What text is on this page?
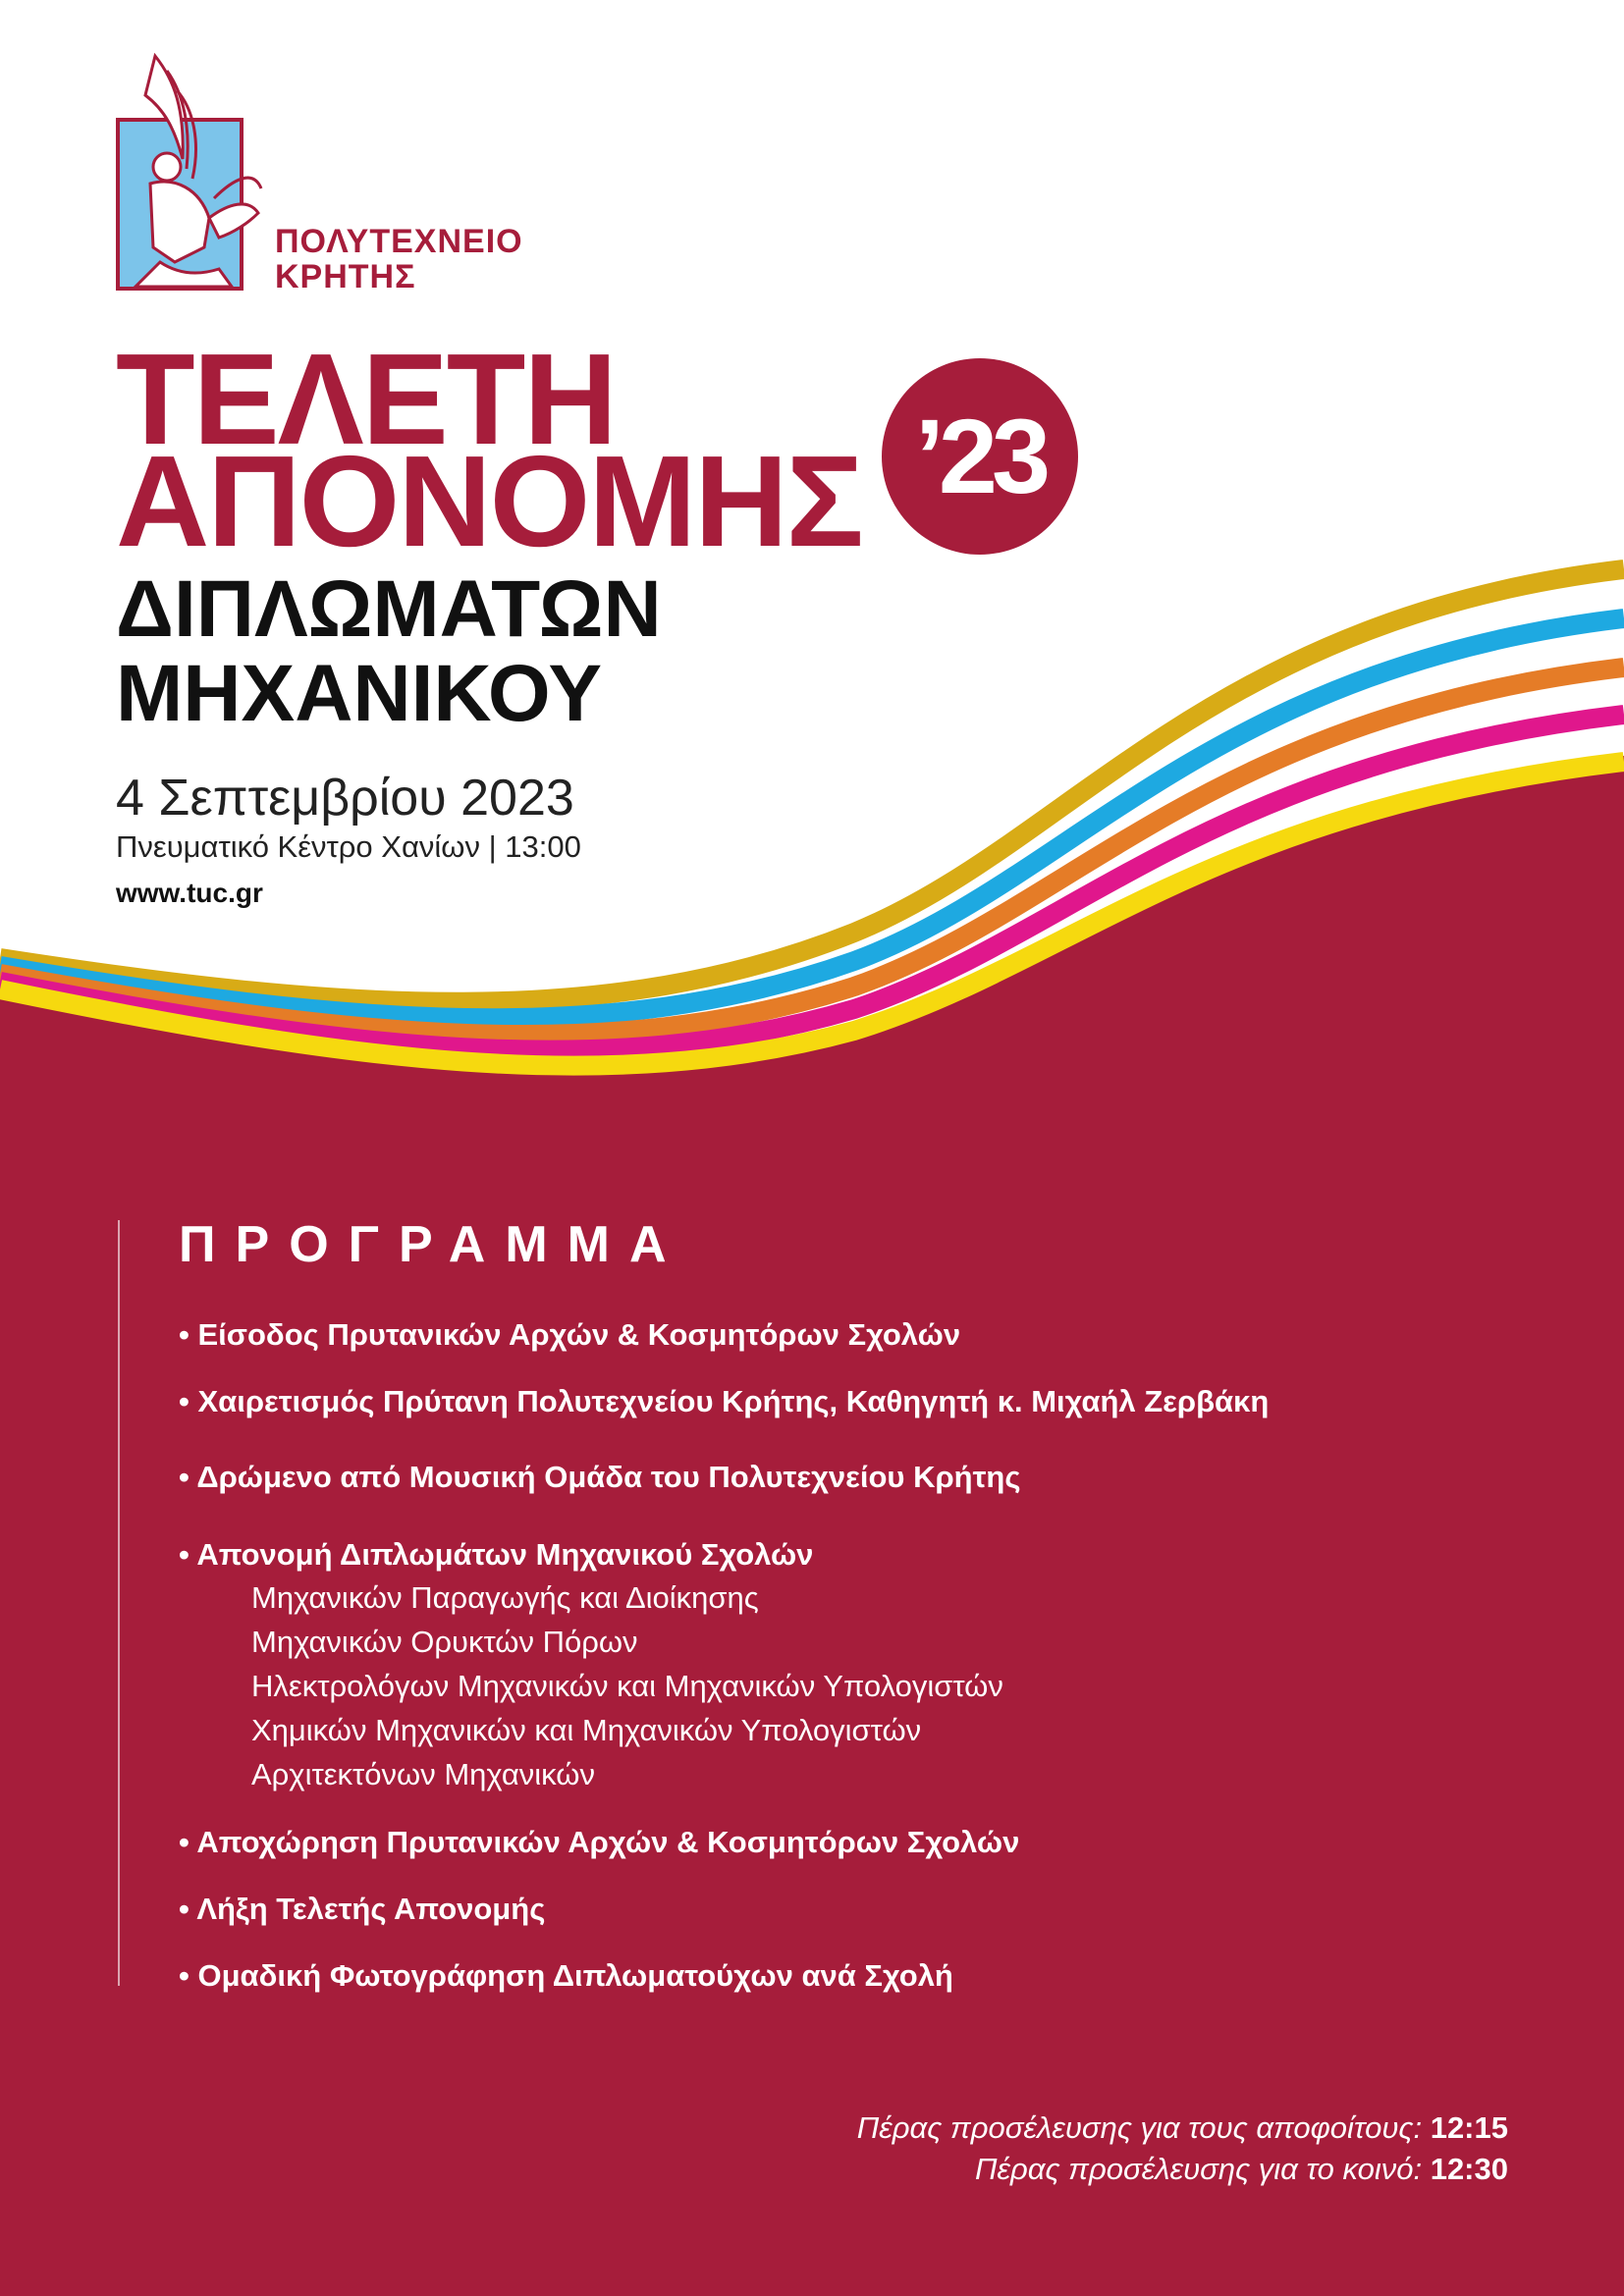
ΠΟΛΥΤΕΧΝΕΙΟ
ΚΡΗΤΗΣ
ΤΕΛΕΤΗ
ΑΠΟΝΟΜΗΣ ’23
ΔΙΠΛΩΜΑΤΩΝ
ΜΗΧΑΝΙΚΟΥ
4 Σεπτεμβρίου 2023
Πνευματικό Κέντρο Χανίων | 13:00
www.tuc.gr
ΠΡΟΓΡΑΜΜΑ
• Είσοδος Πρυτανικών Αρχών & Κοσμητόρων Σχολών
• Χαιρετισμός Πρύτανη Πολυτεχνείου Κρήτης, Καθηγητή κ. Μιχαήλ Ζερβάκη
• Δρώμενο από Μουσική Ομάδα του Πολυτεχνείου Κρήτης
• Απονομή Διπλωμάτων Μηχανικού Σχολών
Μηχανικών Παραγωγής και Διοίκησης
Μηχανικών Ορυκτών Πόρων
Ηλεκτρολόγων Μηχανικών και Μηχανικών Υπολογιστών
Χημικών Μηχανικών και Μηχανικών Υπολογιστών
Αρχιτεκτόνων Μηχανικών
• Αποχώρηση Πρυτανικών Αρχών & Κοσμητόρων Σχολών
• Λήξη Τελετής Απονομής
• Ομαδική Φωτογράφηση Διπλωματούχων ανά Σχολή
Πέρας προσέλευσης για τους αποφοίτους: 12:15
Πέρας προσέλευσης για το κοινό: 12:30
